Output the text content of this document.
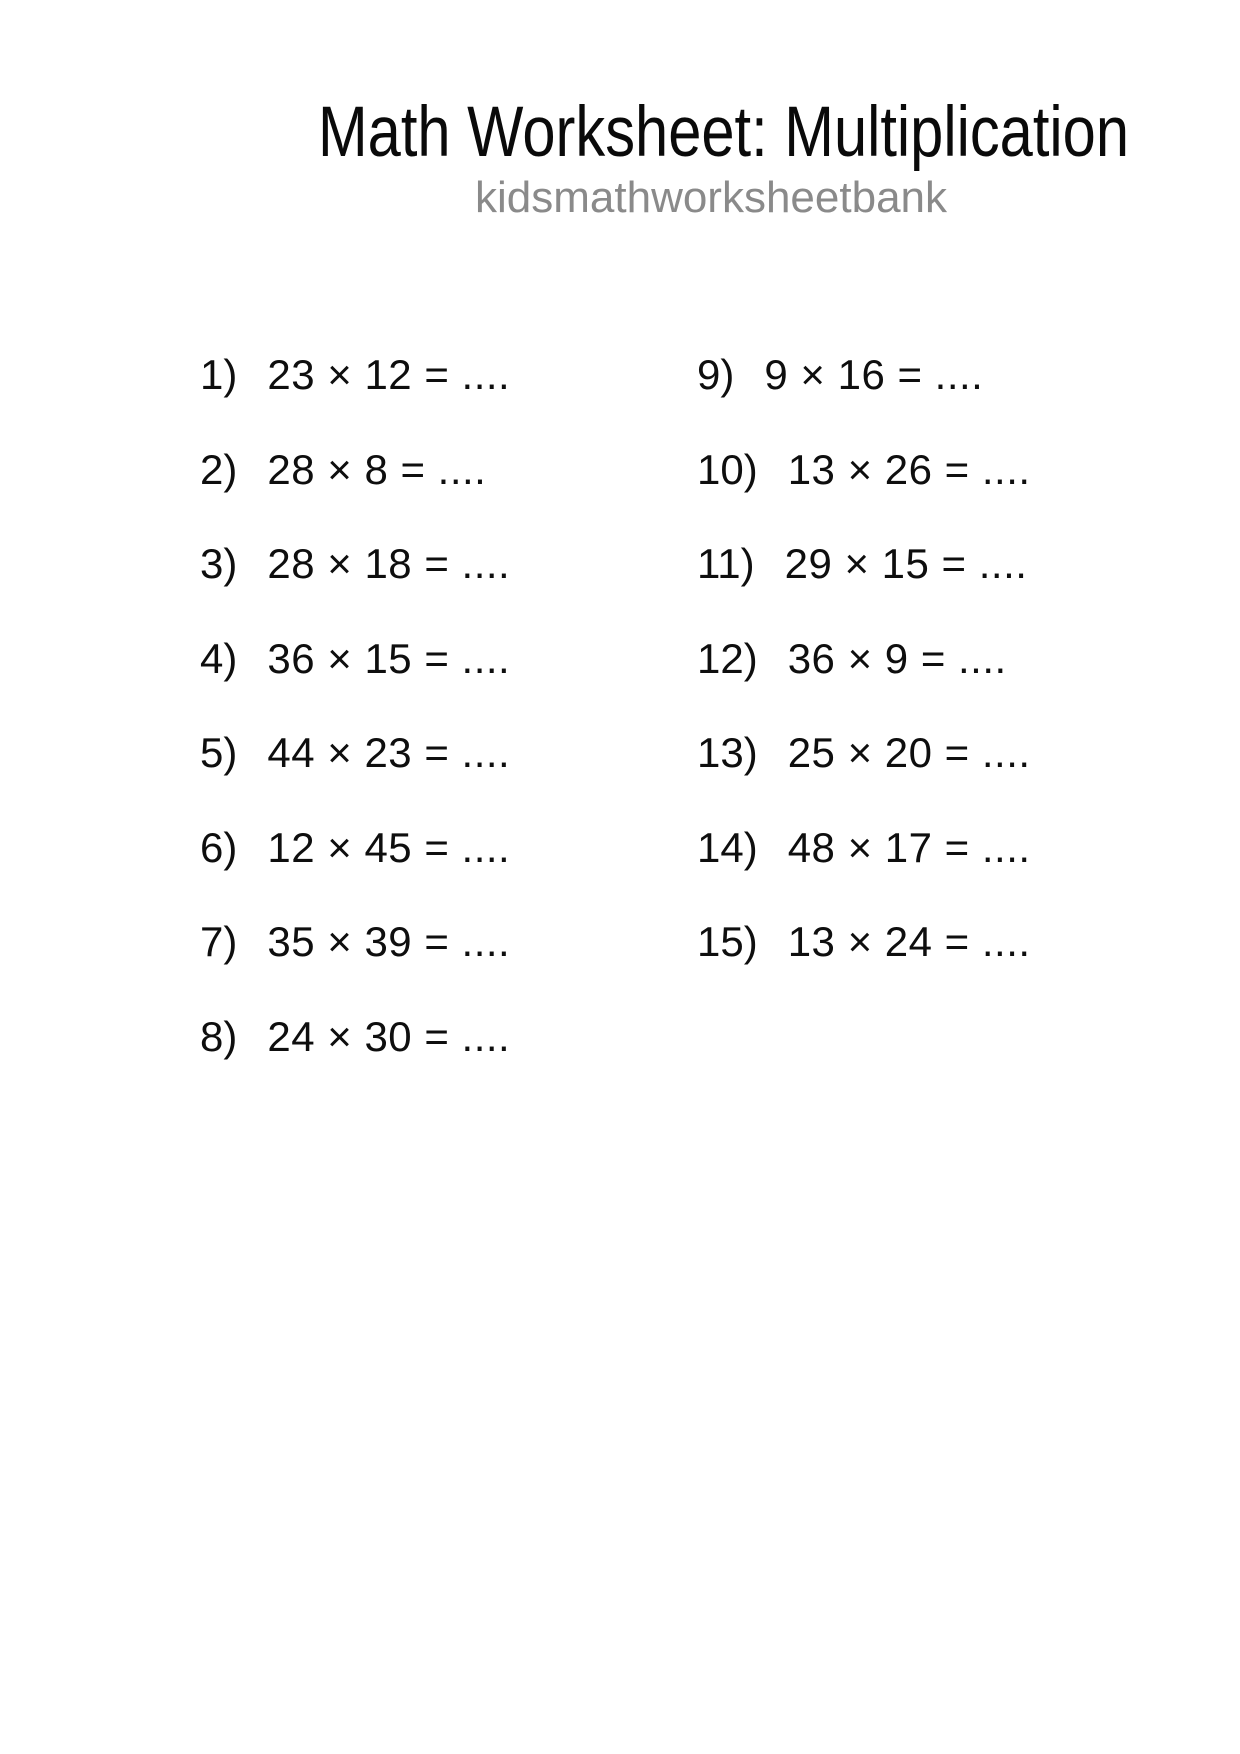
Math Worksheet: Multiplication
kidsmathworksheetbank
1) 23 × 12 = ....
2) 28 × 8 = ....
3) 28 × 18 = ....
4) 36 × 15 = ....
5) 44 × 23 = ....
6) 12 × 45 = ....
7) 35 × 39 = ....
8) 24 × 30 = ....
9) 9 × 16 = ....
10) 13 × 26 = ....
11) 29 × 15 = ....
12) 36 × 9 = ....
13) 25 × 20 = ....
14) 48 × 17 = ....
15) 13 × 24 = ....
